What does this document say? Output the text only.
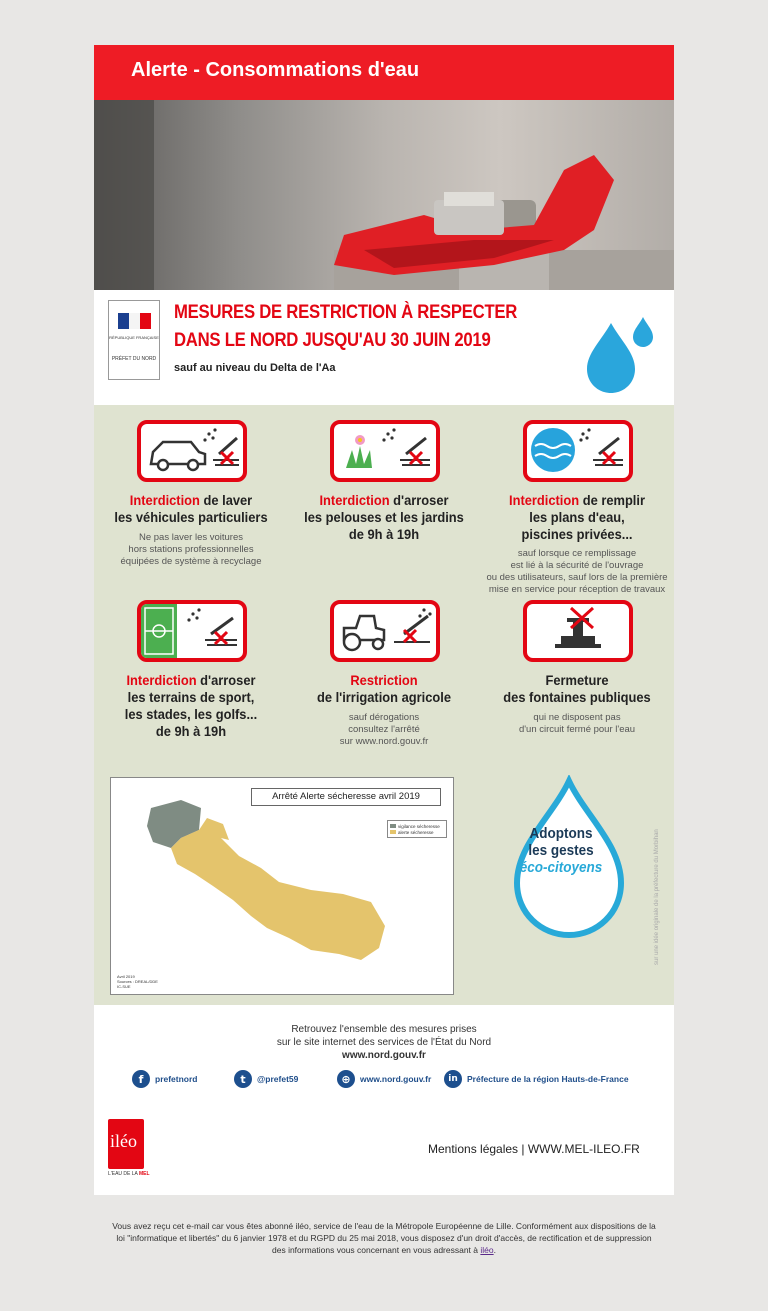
Alerte - Consommations d'eau
RÉPUBLIQUE FRANÇAISE
PRÉFET DU NORD
MESURES DE RESTRICTION À RESPECTER
DANS LE NORD JUSQU'AU 30 JUIN 2019
sauf au niveau du Delta de l'Aa
Interdiction de laver
les véhicules particuliers
Ne pas laver les voitures
hors stations professionnelles
équipées de système à recyclage
Interdiction d'arroser
les pelouses et les jardins
de 9h à 19h
Interdiction de remplir
les plans d'eau,
piscines privées...
sauf lorsque ce remplissage
est lié à la sécurité de l'ouvrage
ou des utilisateurs, sauf lors de la première
mise en service pour réception de travaux
Interdiction d'arroser
les terrains de sport,
les stades, les golfs...
de 9h à 19h
Restriction
de l'irrigation agricole
sauf dérogations
consultez l'arrêté
sur www.nord.gouv.fr
Fermeture
des fontaines publiques
qui ne disposent pas
d'un circuit fermé pour l'eau
Arrêté Alerte sécheresse avril 2019
vigilance sécheresse
alerte sécheresse
Avril 2019
Sources : DREAL/DDE
IC-SUE
Adoptons
les gestes
éco-citoyens	sur une idée originale de la préfecture du Morbihan
Retrouvez l'ensemble des mesures prises
sur le site internet des services de l'État du Nord
www.nord.gouv.fr
f	prefetnord	t	@prefet59	⊕	www.nord.gouv.fr	in	Préfecture de la région Hauts-de-France
iléo
L'EAU DE LA MEL
Mentions légales | WWW.MEL-ILEO.FR
Vous avez reçu cet e-mail car vous êtes abonné iléo, service de l'eau de la Métropole Européenne de Lille. Conformément aux dispositions de la loi "informatique et libertés" du 6 janvier 1978 et du RGPD du 25 mai 2018, vous disposez d'un droit d'accès, de rectification et de suppression des informations vous concernant en vous adressant à iléo.
